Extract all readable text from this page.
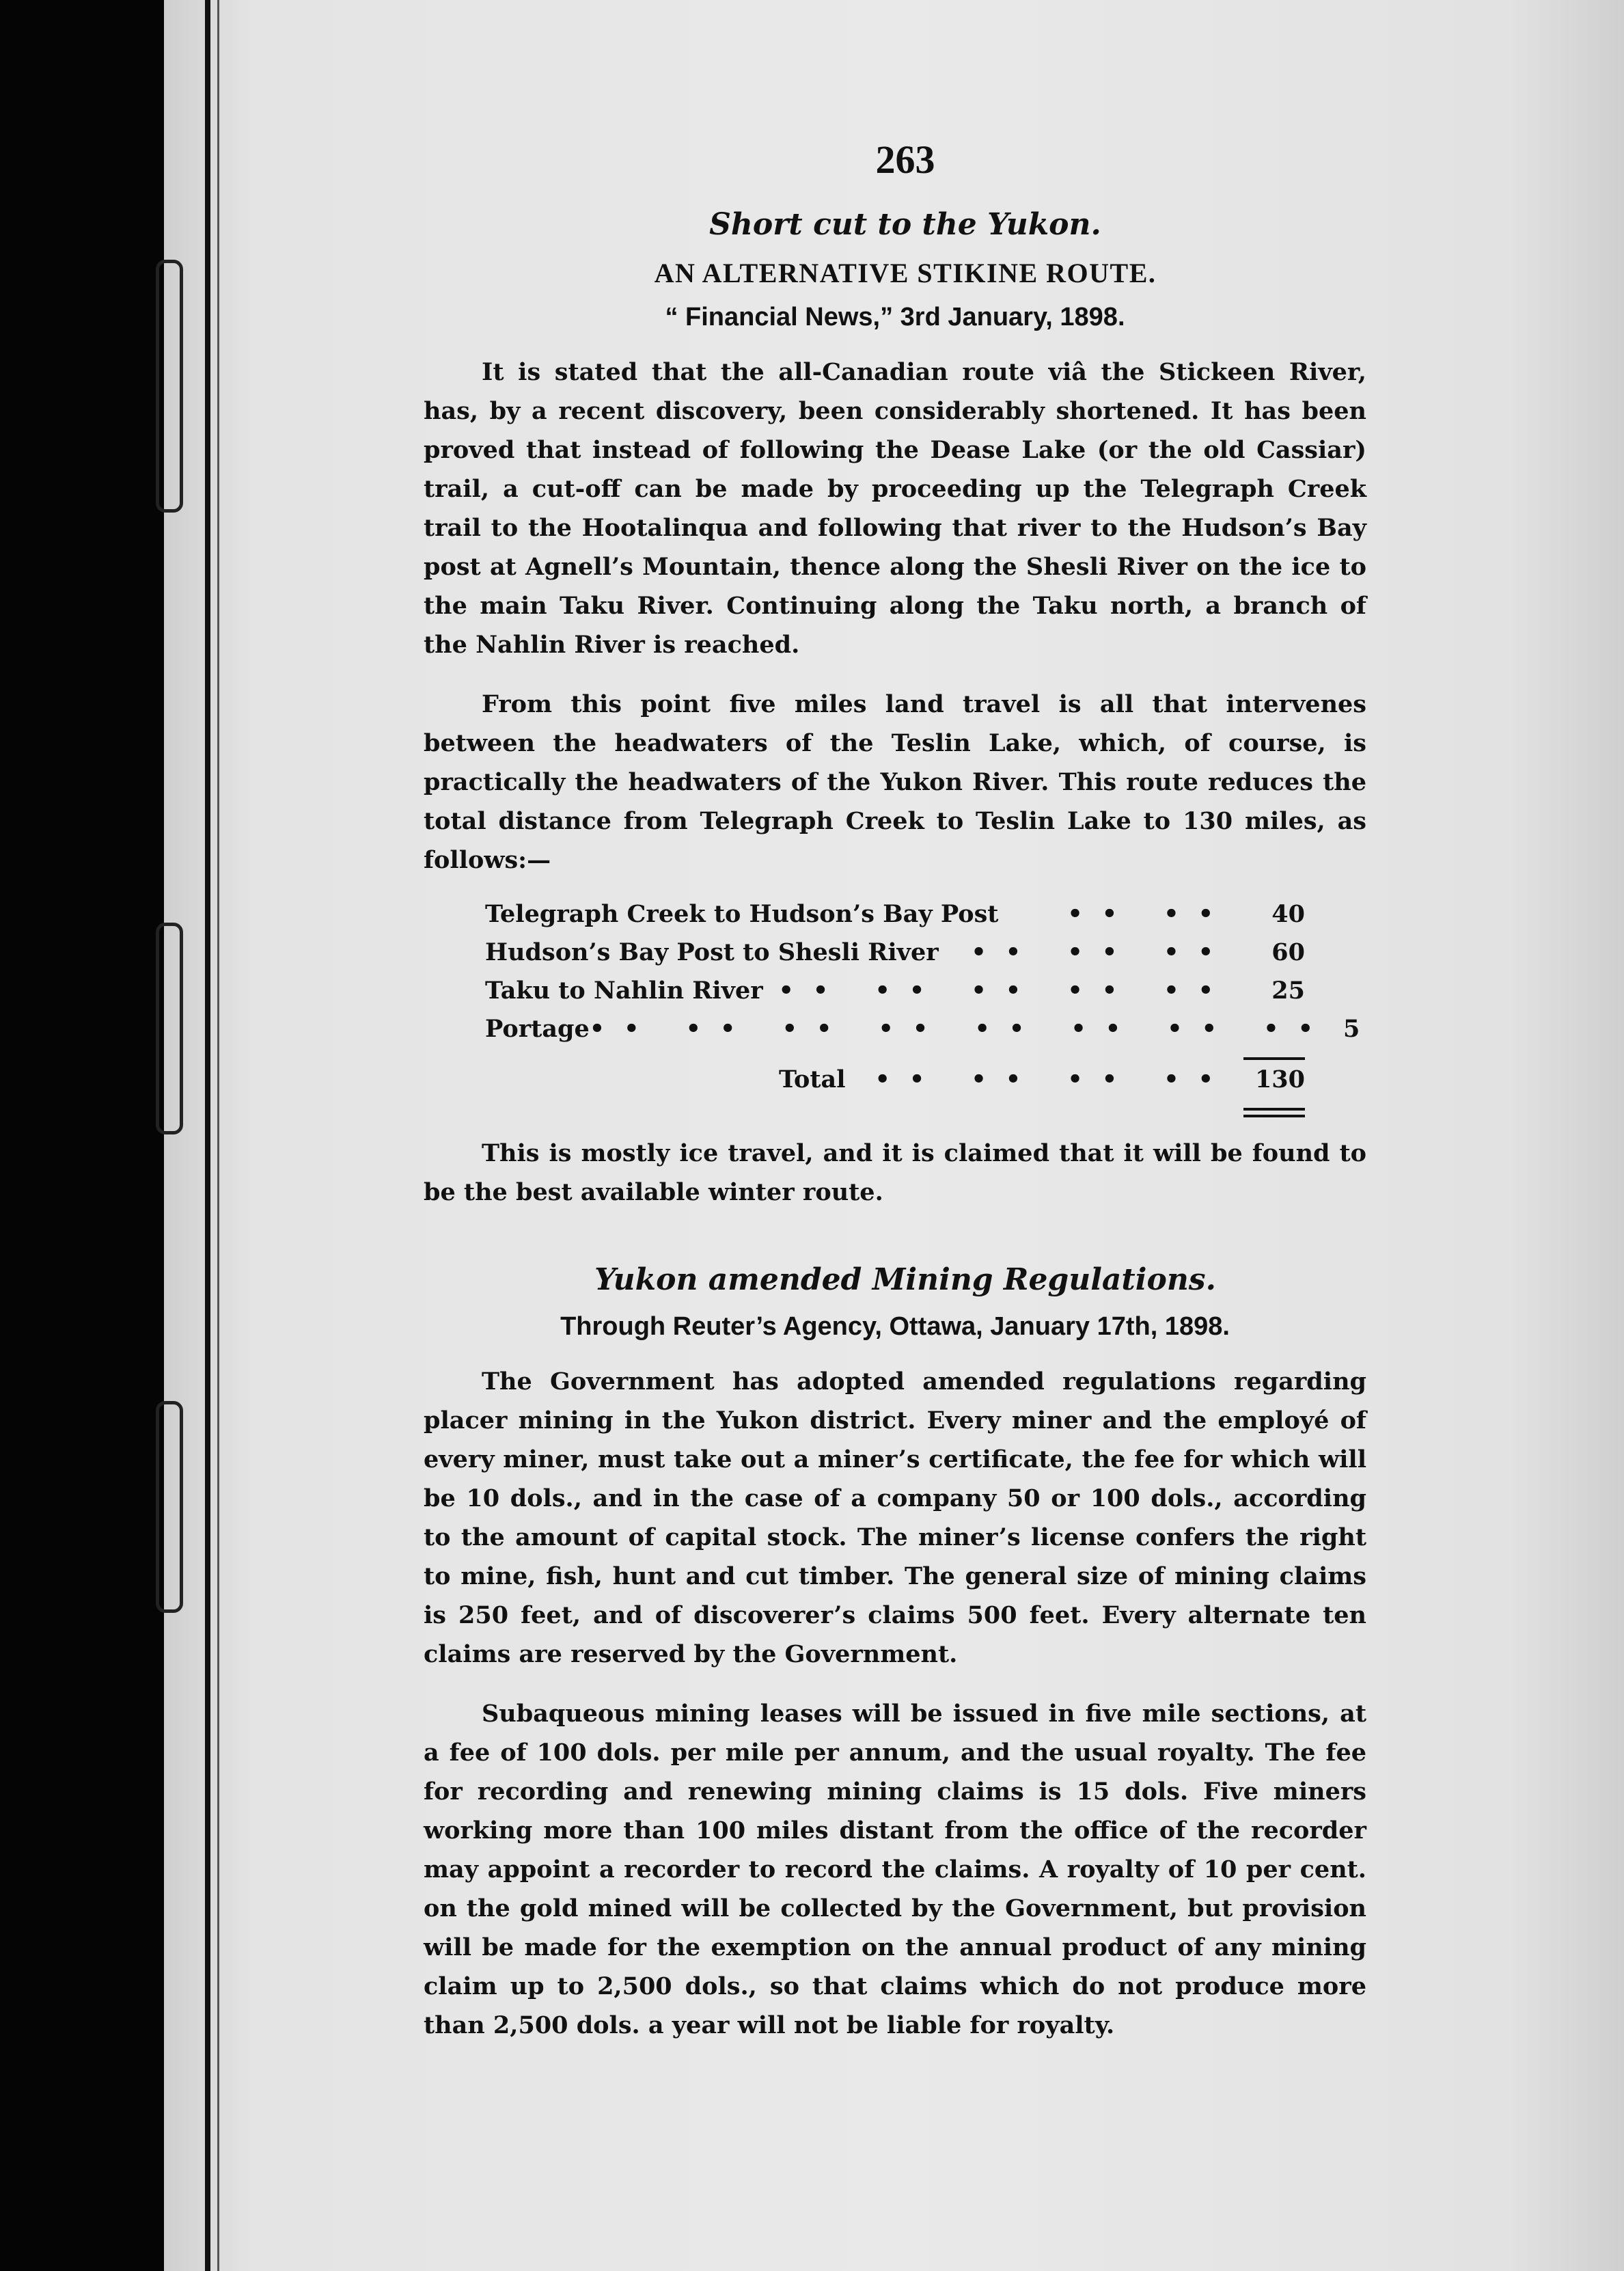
263
Short cut to the Yukon.
AN ALTERNATIVE STIKINE ROUTE.
“ Financial News,” 3rd January, 1898.

It is stated that the all-Canadian route viâ the Stickeen River, has, by a recent discovery, been considerably shortened. It has been proved that instead of following the Dease Lake (or the old Cassiar) trail, a cut-off can be made by proceeding up the Telegraph Creek trail to the Hootalinqua and following that river to the Hudson’s Bay post at Agnell’s Mountain, thence along the Shesli River on the ice to the main Taku River. Continuing along the Taku north, a branch of the Nahlin River is reached.

From this point five miles land travel is all that intervenes between the headwaters of the Teslin Lake, which, of course, is practically the headwaters of the Yukon River. This route reduces the total distance from Telegraph Creek to Teslin Lake to 130 miles, as follows:—

Telegraph Creek to Hudson’s Bay Post	•• ••	40
Hudson’s Bay Post to Shesli River	•• •• ••	60
Taku to Nahlin River •• •• •• •• ••	25
Portage •• •• •• •• •• •• •• •• 5
Total	•• •• •• •• 130

This is mostly ice travel, and it is claimed that it will be found to be the best available winter route.

Yukon amended Mining Regulations.
Through Reuter’s Agency, Ottawa, January 17th, 1898.

The Government has adopted amended regulations regarding placer mining in the Yukon district. Every miner and the employé of every miner, must take out a miner’s certificate, the fee for which will be 10 dols., and in the case of a company 50 or 100 dols., according to the amount of capital stock. The miner’s license confers the right to mine, fish, hunt and cut timber. The general size of mining claims is 250 feet, and of discoverer’s claims 500 feet. Every alternate ten claims are reserved by the Government.

Subaqueous mining leases will be issued in five mile sections, at a fee of 100 dols. per mile per annum, and the usual royalty. The fee for recording and renewing mining claims is 15 dols. Five miners working more than 100 miles distant from the office of the recorder may appoint a recorder to record the claims. A royalty of 10 per cent. on the gold mined will be collected by the Government, but provision will be made for the exemption on the annual product of any mining claim up to 2,500 dols., so that claims which do not produce more than 2,500 dols. a year will not be liable for royalty.
